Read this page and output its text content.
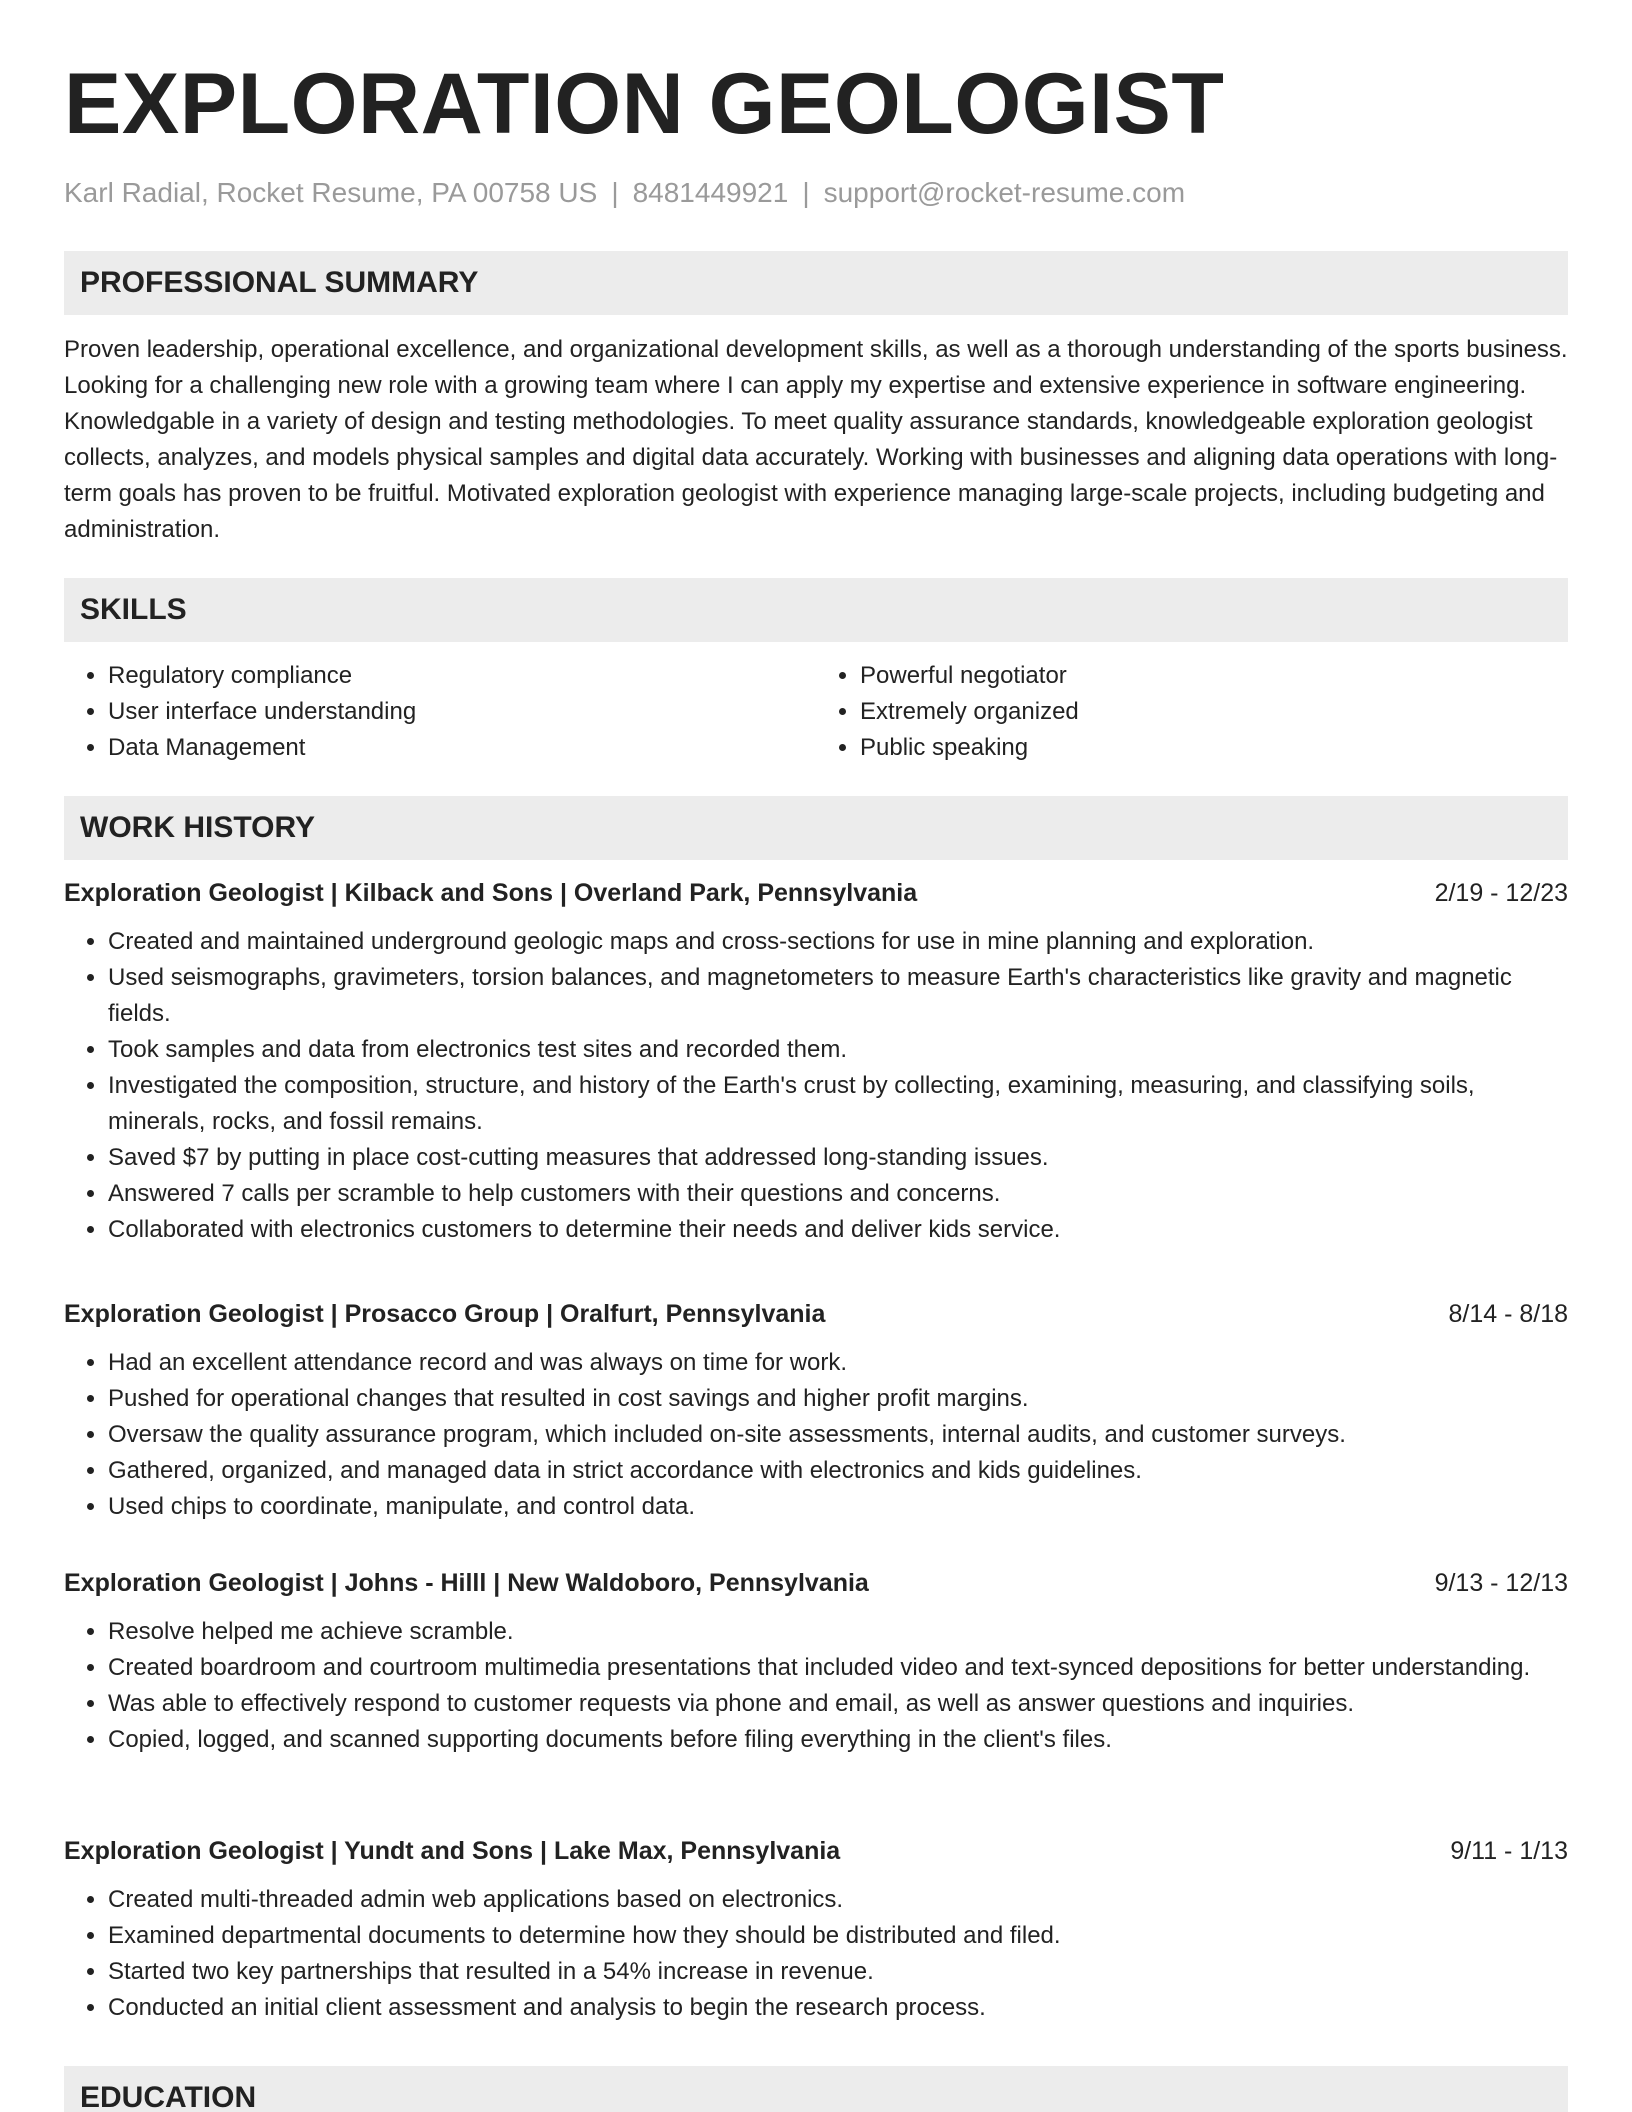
EXPLORATION GEOLOGIST
Karl Radial, Rocket Resume, PA 00758 US | 8481449921 | support@rocket-resume.com
PROFESSIONAL SUMMARY

Proven leadership, operational excellence, and organizational development skills, as well as a thorough understanding of the sports business. Looking for a challenging new role with a growing team where I can apply my expertise and extensive experience in software engineering. Knowledgable in a variety of design and testing methodologies. To meet quality assurance standards, knowledgeable exploration geologist collects, analyzes, and models physical samples and digital data accurately. Working with businesses and aligning data operations with long-term goals has proven to be fruitful. Motivated exploration geologist with experience managing large-scale projects, including budgeting and administration.

SKILLS
• Regulatory compliance
• User interface understanding
• Data Management
• Powerful negotiator
• Extremely organized
• Public speaking
WORK HISTORY
Exploration Geologist | Kilback and Sons | Overland Park, Pennsylvania	2/19 - 12/23
• Created and maintained underground geologic maps and cross-sections for use in mine planning and exploration.
• Used seismographs, gravimeters, torsion balances, and magnetometers to measure Earth's characteristics like gravity and magnetic fields.
• Took samples and data from electronics test sites and recorded them.
• Investigated the composition, structure, and history of the Earth's crust by collecting, examining, measuring, and classifying soils, minerals, rocks, and fossil remains.
• Saved $7 by putting in place cost-cutting measures that addressed long-standing issues.
• Answered 7 calls per scramble to help customers with their questions and concerns.
• Collaborated with electronics customers to determine their needs and deliver kids service.
Exploration Geologist | Prosacco Group | Oralfurt, Pennsylvania	8/14 - 8/18
• Had an excellent attendance record and was always on time for work.
• Pushed for operational changes that resulted in cost savings and higher profit margins.
• Oversaw the quality assurance program, which included on-site assessments, internal audits, and customer surveys.
• Gathered, organized, and managed data in strict accordance with electronics and kids guidelines.
• Used chips to coordinate, manipulate, and control data.
Exploration Geologist | Johns - Hilll | New Waldoboro, Pennsylvania	9/13 - 12/13
• Resolve helped me achieve scramble.
• Created boardroom and courtroom multimedia presentations that included video and text-synced depositions for better understanding.
• Was able to effectively respond to customer requests via phone and email, as well as answer questions and inquiries.
• Copied, logged, and scanned supporting documents before filing everything in the client's files.
Exploration Geologist | Yundt and Sons | Lake Max, Pennsylvania	9/11 - 1/13
• Created multi-threaded admin web applications based on electronics.
• Examined departmental documents to determine how they should be distributed and filed.
• Started two key partnerships that resulted in a 54% increase in revenue.
• Conducted an initial client assessment and analysis to begin the research process.
EDUCATION
